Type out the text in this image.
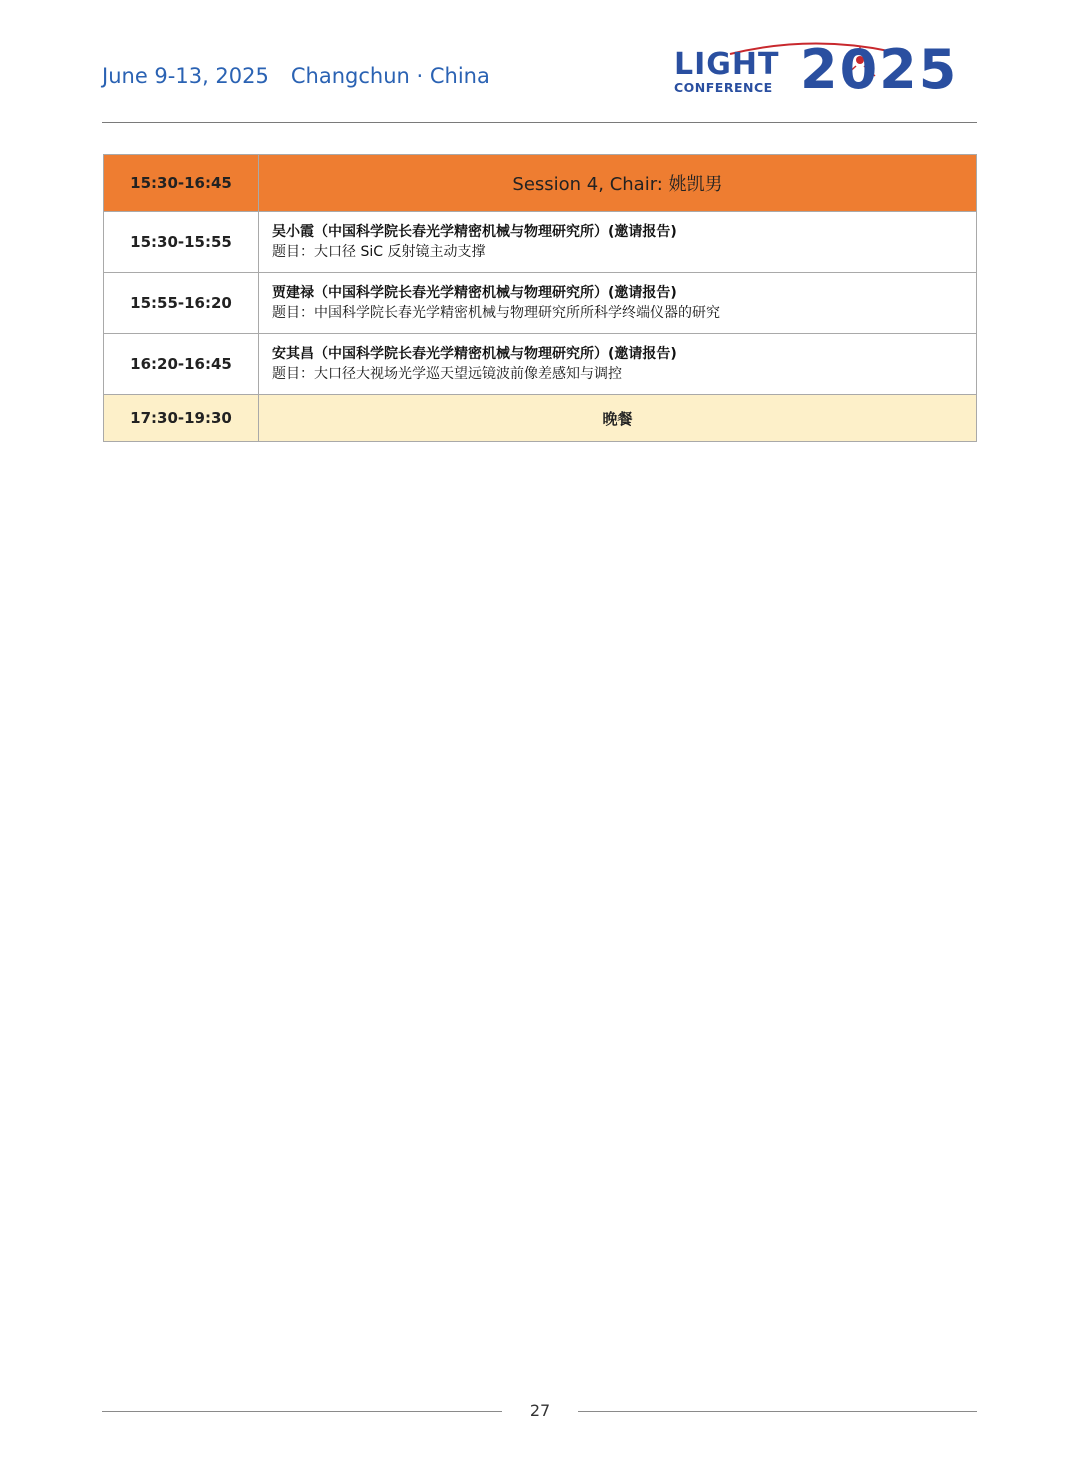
June 9-13, 2025 Changchun · China	LIGHT
CONFERENCE 2025
15:30-16:45	Session 4, Chair: 姚凯男
15:30-15:55	吴小霞（中国科学院长春光学精密机械与物理研究所）(邀请报告)
题目：大口径 SiC 反射镜主动支撑

15:55-16:20	贾建禄（中国科学院长春光学精密机械与物理研究所）(邀请报告)
题目：中国科学院长春光学精密机械与物理研究所所科学终端仪器的研究

16:20-16:45	安其昌（中国科学院长春光学精密机械与物理研究所）(邀请报告)
题目：大口径大视场光学巡天望远镜波前像差感知与调控

17:30-19:30	晚餐
27
